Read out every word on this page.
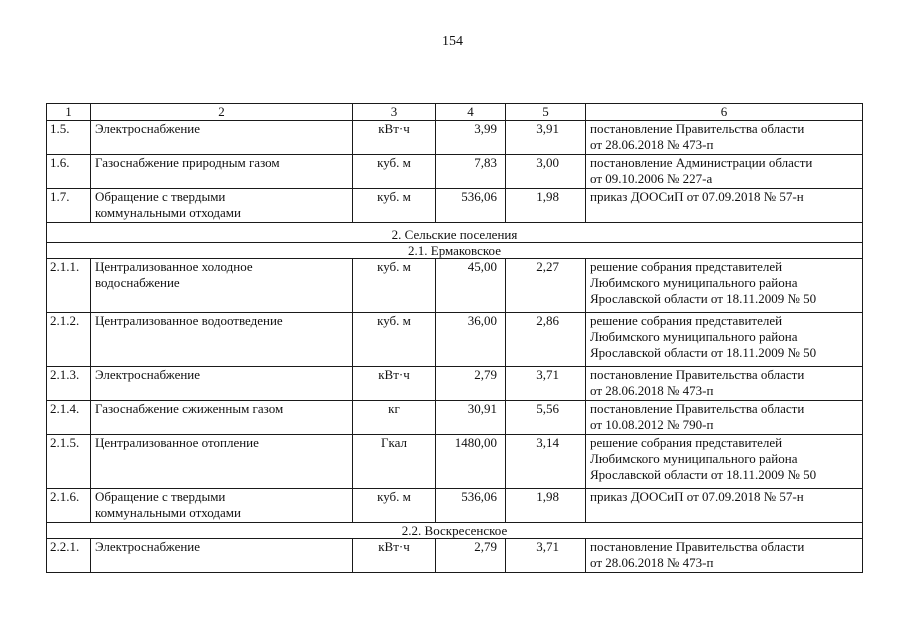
154
1	2	3	4	5	6

1.5.	Электроснабжение	кВт·ч	3,99	3,91	постановление Правительства области
от 28.06.2018 № 473-п

1.6.	Газоснабжение природным газом	куб. м	7,83	3,00	постановление Администрации области
от 09.10.2006 № 227-а

1.7.	Обращение с твердыми
коммунальными отходами	куб. м	536,06	1,98	приказ ДООСиП от 07.09.2018 № 57-н

2. Сельские поселения					
2.1. Ермаковское					

2.1.1.	Централизованное холодное
водоснабжение	куб. м	45,00	2,27	решение собрания представителей
Любимского муниципального района
Ярославской области от 18.11.2009 № 50

2.1.2.	Централизованное водоотведение	куб. м	36,00	2,86	решение собрания представителей
Любимского муниципального района
Ярославской области от 18.11.2009 № 50

2.1.3.	Электроснабжение	кВт·ч	2,79	3,71	постановление Правительства области
от 28.06.2018 № 473-п

2.1.4.	Газоснабжение сжиженным газом	кг	30,91	5,56	постановление Правительства области
от 10.08.2012 № 790-п

2.1.5.	Централизованное отопление	Гкал	1480,00	3,14	решение собрания представителей
Любимского муниципального района
Ярославской области от 18.11.2009 № 50

2.1.6.	Обращение с твердыми
коммунальными отходами	куб. м	536,06	1,98	приказ ДООСиП от 07.09.2018 № 57-н

2.2. Воскресенское					

2.2.1.	Электроснабжение	кВт·ч	2,79	3,71	постановление Правительства области
от 28.06.2018 № 473-п
